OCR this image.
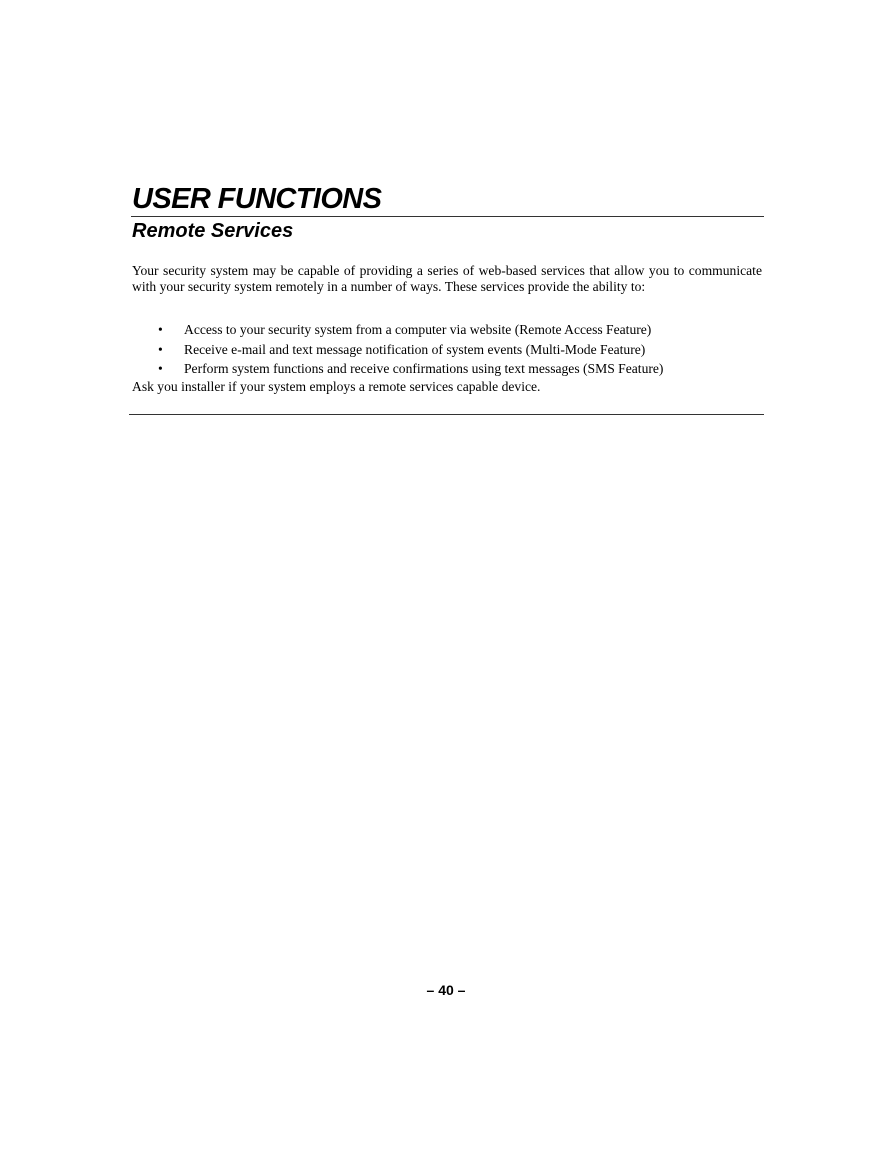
USER FUNCTIONS
Remote Services

Your security system may be capable of providing a series of web-based services that allow you to communicate with your security system remotely in a number of ways. These services provide the ability to:

• Access to your security system from a computer via website (Remote Access Feature)
• Receive e-mail and text message notification of system events (Multi-Mode Feature)
• Perform system functions and receive confirmations using text messages (SMS Feature)

Ask you installer if your system employs a remote services capable device.

– 40 –
